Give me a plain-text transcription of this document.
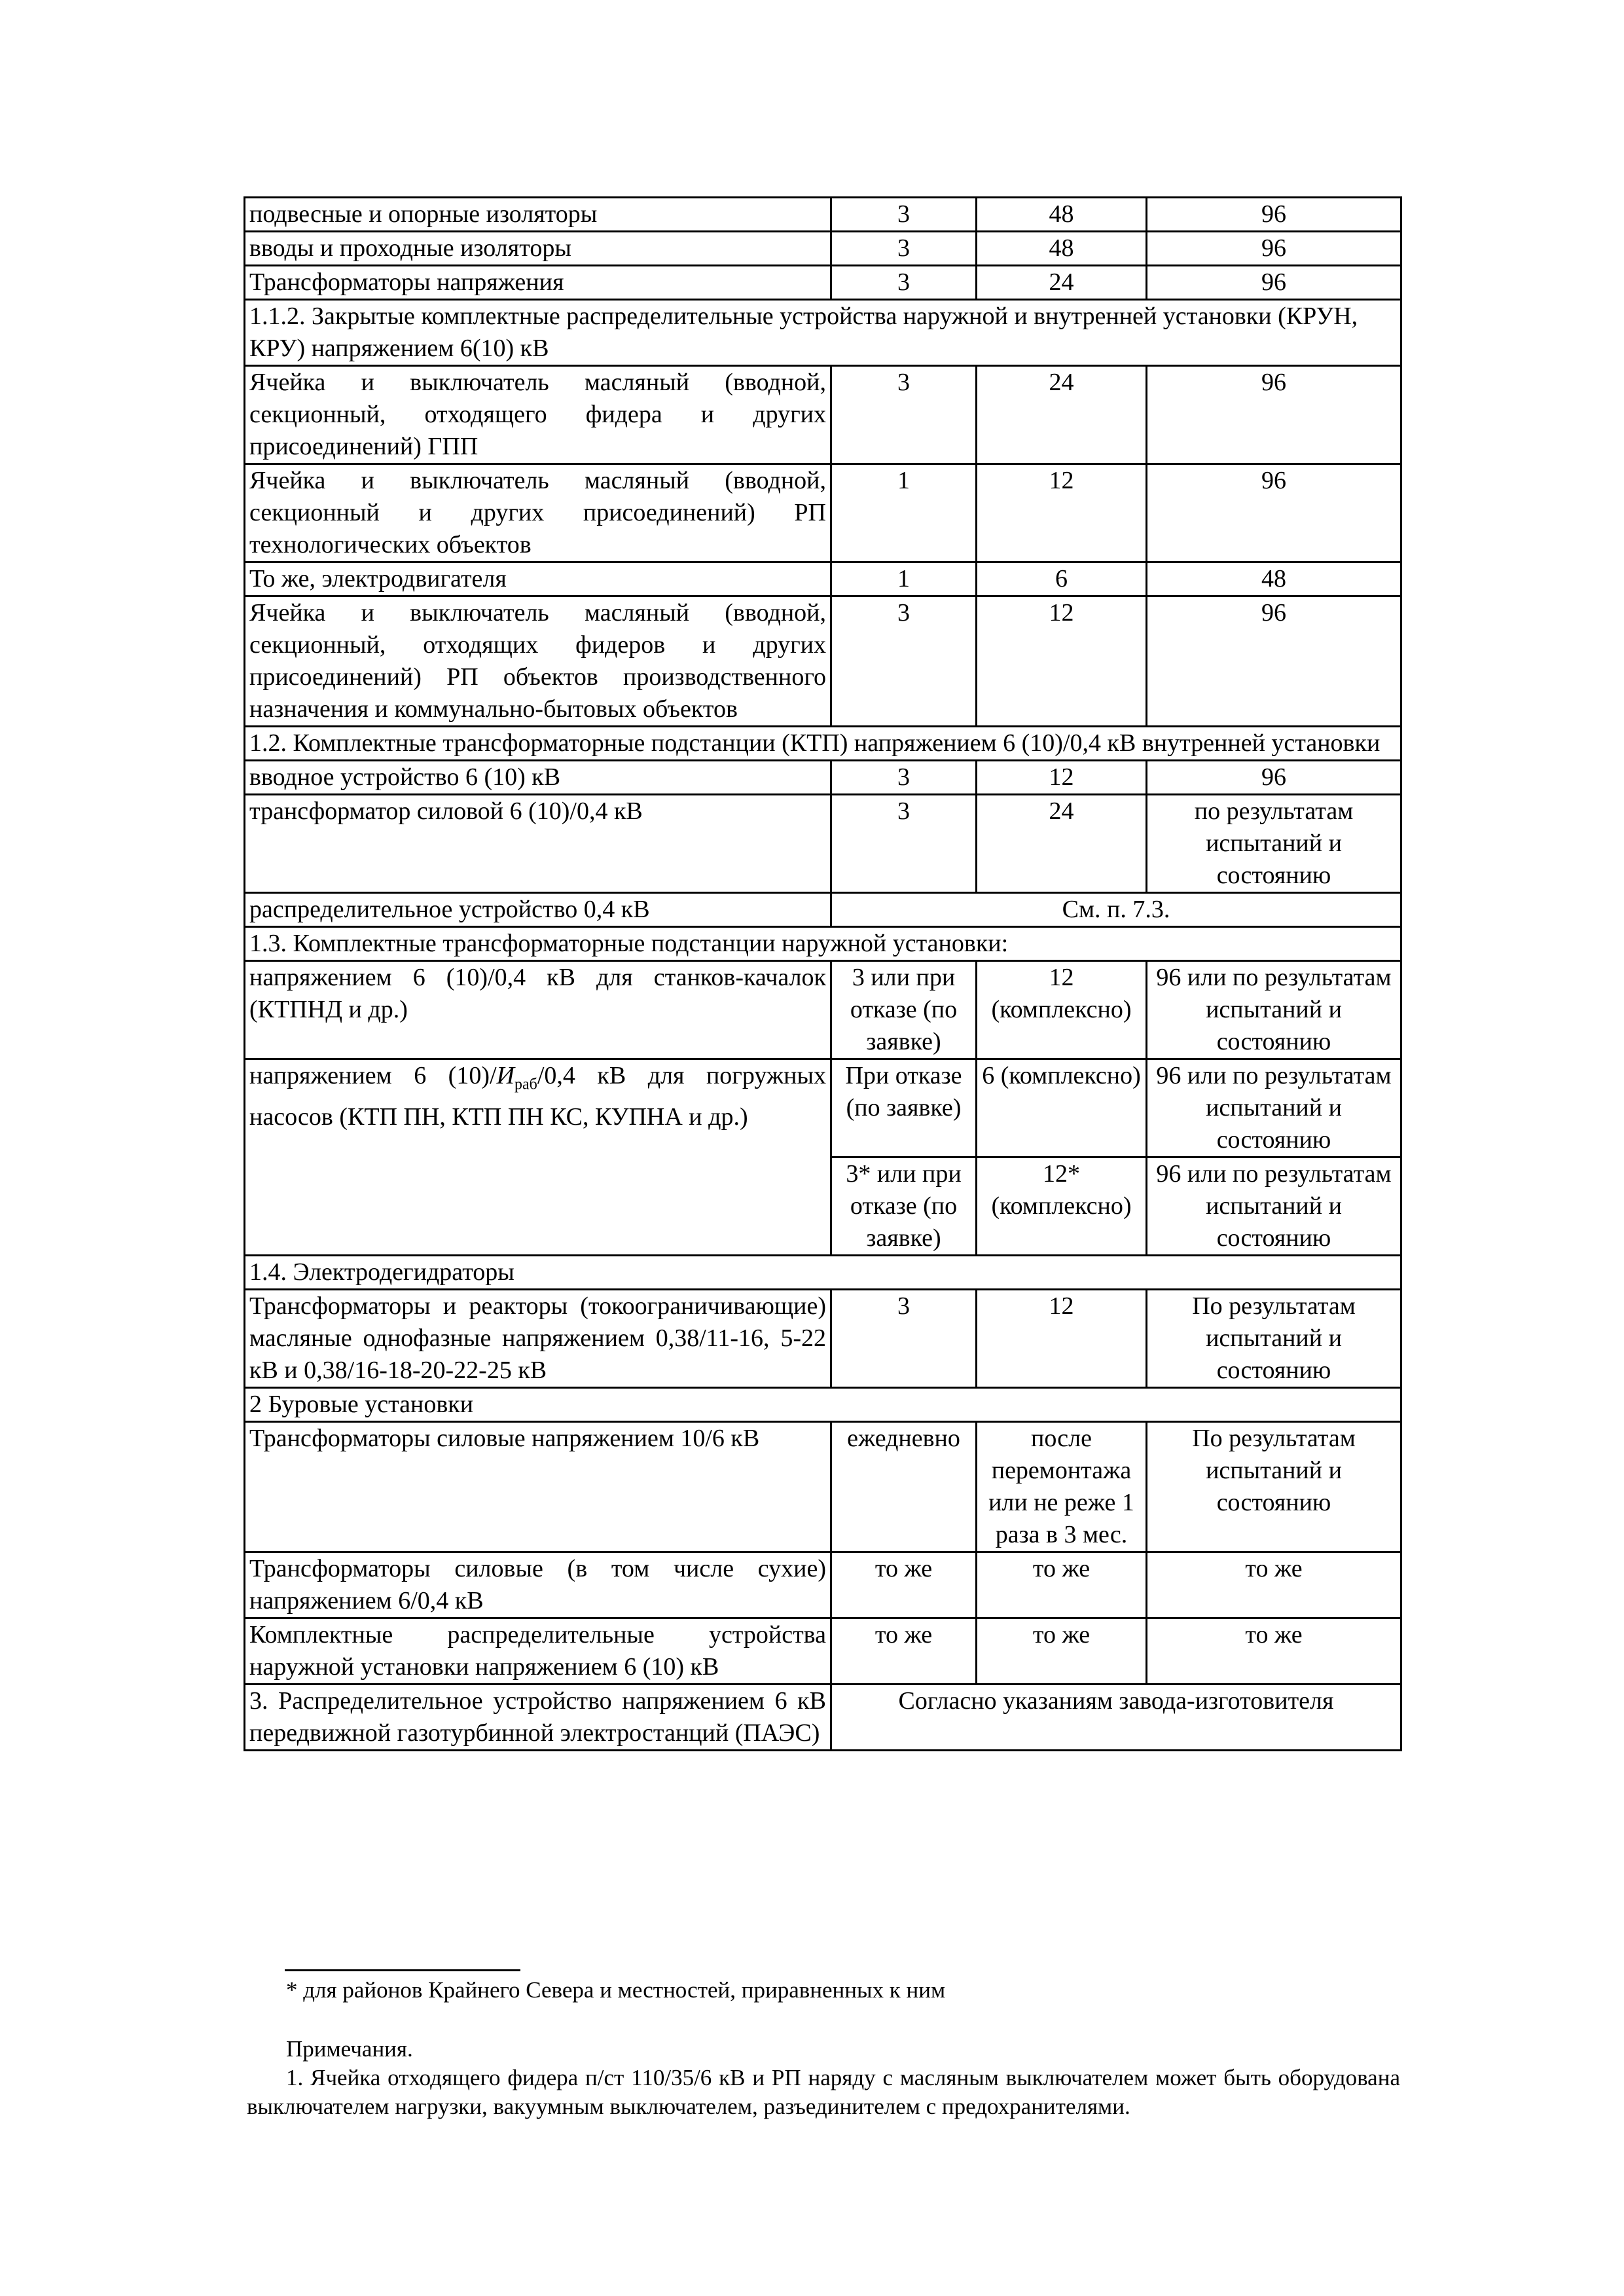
подвесные и опорные изоляторы	3	48	96
вводы и проходные изоляторы	3	48	96
Трансформаторы напряжения	3	24	96
1.1.2. Закрытые комплектные распределительные устройства наружной и внутренней установки (КРУН, КРУ) напряжением 6(10) кВ			
Ячейка и выключатель масляный (вводной, секционный, отходящего фидера и других присоединений) ГПП	3	24	96
Ячейка и выключатель масляный (вводной, секционный и других присоединений) РП технологических объектов	1	12	96
То же, электродвигателя	1	6	48
Ячейка и выключатель масляный (вводной, секционный, отходящих фидеров и других присоединений) РП объектов производственного назначения и коммунально-бытовых объектов	3	12	96
1.2. Комплектные трансформаторные подстанции (КТП) напряжением 6 (10)/0,4 кВ внутренней установки			
вводное устройство 6 (10) кВ	3	12	96
трансформатор силовой 6 (10)/0,4 кВ	3	24	по результатам испытаний и состоянию
распределительное устройство 0,4 кВ	См. п. 7.3.		
1.3. Комплектные трансформаторные подстанции наружной установки:			
напряжением 6 (10)/0,4 кВ для станков-качалок (КТПНД и др.)	3 или при отказе (по заявке)	12 (комплексно)	96 или по результатам испытаний и состоянию
напряжением 6 $(10)/И_{раб}/0,4$ кВ для погружных насосов (КТП ПН, КТП ПН КС, КУПНА и др.)	При отказе (по заявке)	6 (комплексно)	96 или по результатам испытаний и состоянию
	3* или при отказе (по заявке)	12* (комплексно)	96 или по результатам испытаний и состоянию
1.4. Электродегидраторы			
Трансформаторы и реакторы (токоограничивающие) масляные однофазные напряжением 0,38/11-16, 5-22 кВ и 0,38/16-18-20-22-25 кВ	3	12	По результатам испытаний и состоянию
2 Буровые установки			
Трансформаторы силовые напряжением 10/6 кВ	ежедневно	после перемонтажа или не реже 1 раза в 3 мес.	По результатам испытаний и состоянию
Трансформаторы силовые (в том числе сухие) напряжением 6/0,4 кВ	то же	то же	то же
Комплектные распределительные устройства наружной установки напряжением 6 (10) кВ	то же	то же	то же
3. Распределительное устройство напряжением 6 кВ передвижной газотурбинной электростанций (ПАЭС)	Согласно указаниям завода-изготовителя		
* для районов Крайнего Севера и местностей, приравненных к ним
Примечания.
1. Ячейка отходящего фидера п/ст 110/35/6 кВ и РП наряду с масляным выключателем может быть оборудована выключателем нагрузки, вакуумным выключателем, разъединителем с предохранителями.
